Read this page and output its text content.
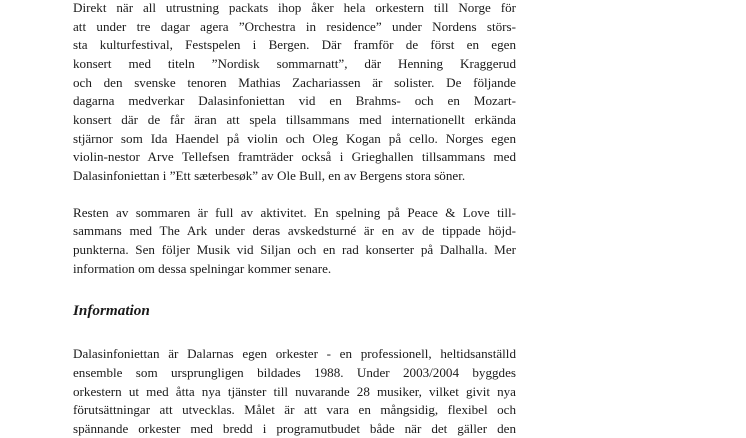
Direkt när all utrustning packats ihop åker hela orkestern till Norge för
att under tre dagar agera ”Orchestra in residence” under Nordens störs-
sta kulturfestival, Festspelen i Bergen. Där framför de först en egen
konsert med titeln ”Nordisk sommarnatt”, där Henning Kraggerud
och den svenske tenoren Mathias Zachariassen är solister. De följande
dagarna medverkar Dalasinfoniettan vid en Brahms- och en Mozart-
konsert där de får äran att spela tillsammans med internationellt erkända
stjärnor som Ida Haendel på violin och Oleg Kogan på cello. Norges egen
violin-nestor Arve Tellefsen framträder också i Grieghallen tillsammans med
Dalasinfoniettan i ”Ett sæterbesøk” av Ole Bull, en av Bergens stora söner.

Resten av sommaren är full av aktivitet. En spelning på Peace & Love till-
sammans med The Ark under deras avskedsturné är en av de tippade höjd-
punkterna. Sen följer Musik vid Siljan och en rad konserter på Dalhalla. Mer
information om dessa spelningar kommer senare.

Information

Dalasinfoniettan är Dalarnas egen orkester - en professionell, heltidsanställd
ensemble som ursprungligen bildades 1988. Under 2003/2004 byggdes
orkestern ut med åtta nya tjänster till nuvarande 28 musiker, vilket givit nya
förutsättningar att utvecklas. Målet är att vara en mångsidig, flexibel och
spännande orkester med bredd i programutbudet både när det gäller den
